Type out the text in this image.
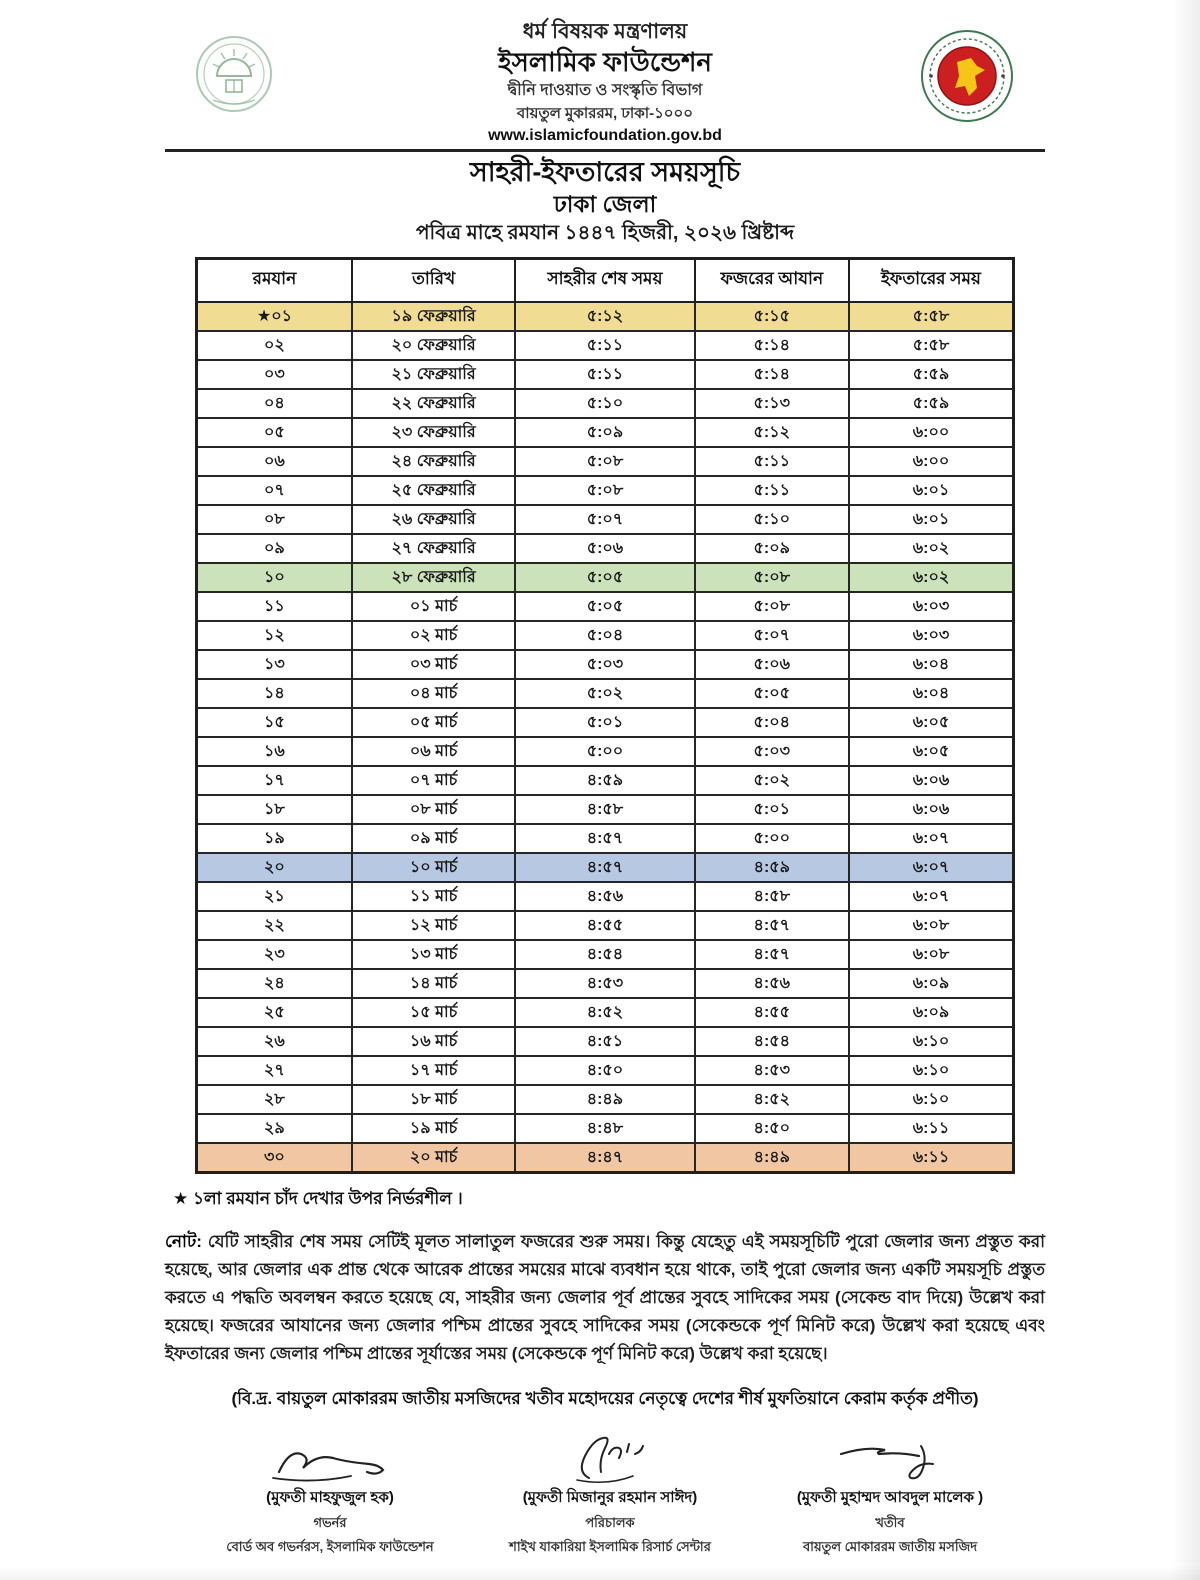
ধর্ম বিষয়ক মন্ত্রণালয়
ইসলামিক ফাউন্ডেশন
দ্বীনি দাওয়াত ও সংস্কৃতি বিভাগ
বায়তুল মুকাররম, ঢাকা-১০০০
www.islamicfoundation.gov.bd
সাহরী-ইফতারের সময়সূচি
ঢাকা জেলা
পবিত্র মাহে রমযান ১৪৪৭ হিজরী, ২০২৬ খ্রিষ্টাব্দ
রমযান	তারিখ	সাহরীর শেষ সময়	ফজরের আযান	ইফতারের সময়
★০১	১৯ ফেব্রুয়ারি	৫:১২	৫:১৫	৫:৫৮
০২	২০ ফেব্রুয়ারি	৫:১১	৫:১৪	৫:৫৮
০৩	২১ ফেব্রুয়ারি	৫:১১	৫:১৪	৫:৫৯
০৪	২২ ফেব্রুয়ারি	৫:১০	৫:১৩	৫:৫৯
০৫	২৩ ফেব্রুয়ারি	৫:০৯	৫:১২	৬:০০
০৬	২৪ ফেব্রুয়ারি	৫:০৮	৫:১১	৬:০০
০৭	২৫ ফেব্রুয়ারি	৫:০৮	৫:১১	৬:০১
০৮	২৬ ফেব্রুয়ারি	৫:০৭	৫:১০	৬:০১
০৯	২৭ ফেব্রুয়ারি	৫:০৬	৫:০৯	৬:০২
১০	২৮ ফেব্রুয়ারি	৫:০৫	৫:০৮	৬:০২
১১	০১ মার্চ	৫:০৫	৫:০৮	৬:০৩
১২	০২ মার্চ	৫:০৪	৫:০৭	৬:০৩
১৩	০৩ মার্চ	৫:০৩	৫:০৬	৬:০৪
১৪	০৪ মার্চ	৫:০২	৫:০৫	৬:০৪
১৫	০৫ মার্চ	৫:০১	৫:০৪	৬:০৫
১৬	০৬ মার্চ	৫:০০	৫:০৩	৬:০৫
১৭	০৭ মার্চ	৪:৫৯	৫:০২	৬:০৬
১৮	০৮ মার্চ	৪:৫৮	৫:০১	৬:০৬
১৯	০৯ মার্চ	৪:৫৭	৫:০০	৬:০৭
২০	১০ মার্চ	৪:৫৭	৪:৫৯	৬:০৭
২১	১১ মার্চ	৪:৫৬	৪:৫৮	৬:০৭
২২	১২ মার্চ	৪:৫৫	৪:৫৭	৬:০৮
২৩	১৩ মার্চ	৪:৫৪	৪:৫৭	৬:০৮
২৪	১৪ মার্চ	৪:৫৩	৪:৫৬	৬:০৯
২৫	১৫ মার্চ	৪:৫২	৪:৫৫	৬:০৯
২৬	১৬ মার্চ	৪:৫১	৪:৫৪	৬:১০
২৭	১৭ মার্চ	৪:৫০	৪:৫৩	৬:১০
২৮	১৮ মার্চ	৪:৪৯	৪:৫২	৬:১০
২৯	১৯ মার্চ	৪:৪৮	৪:৫০	৬:১১
৩০	২০ মার্চ	৪:৪৭	৪:৪৯	৬:১১
★ ১লা রমযান চাঁদ দেখার উপর নির্ভরশীল ।
নোট: যেটি সাহরীর শেষ সময় সেটিই মূলত সালাতুল ফজরের শুরু সময়। কিন্তু যেহেতু এই সময়সূচিটি পুরো জেলার জন্য প্রস্তুত করা হয়েছে, আর জেলার এক প্রান্ত থেকে আরেক প্রান্তের সময়ের মাঝে ব্যবধান হয়ে থাকে, তাই পুরো জেলার জন্য একটি সময়সূচি প্রস্তুত করতে এ পদ্ধতি অবলম্বন করতে হয়েছে যে, সাহরীর জন্য জেলার পূর্ব প্রান্তের সুবহে সাদিকের সময় (সেকেন্ড বাদ দিয়ে) উল্লেখ করা হয়েছে। ফজরের আযানের জন্য জেলার পশ্চিম প্রান্তের সুবহে সাদিকের সময় (সেকেন্ডকে পূর্ণ মিনিট করে) উল্লেখ করা হয়েছে এবং ইফতারের জন্য জেলার পশ্চিম প্রান্তের সূর্যাস্তের সময় (সেকেন্ডকে পূর্ণ মিনিট করে) উল্লেখ করা হয়েছে।
(বি.দ্র. বায়তুল মোকাররম জাতীয় মসজিদের খতীব মহোদয়ের নেতৃত্বে দেশের শীর্ষ মুফতিয়ানে কেরাম কর্তৃক প্রণীত)
(মুফতী মাহফুজুল হক)
গভর্নর
বোর্ড অব গভর্নরস, ইসলামিক ফাউন্ডেশন
(মুফতী মিজানুর রহমান সাঈদ)
পরিচালক
শাইখ যাকারিয়া ইসলামিক রিসার্চ সেন্টার
(মুফতী মুহাম্মদ আবদুল মালেক )
খতীব
বায়তুল মোকাররম জাতীয় মসজিদ
